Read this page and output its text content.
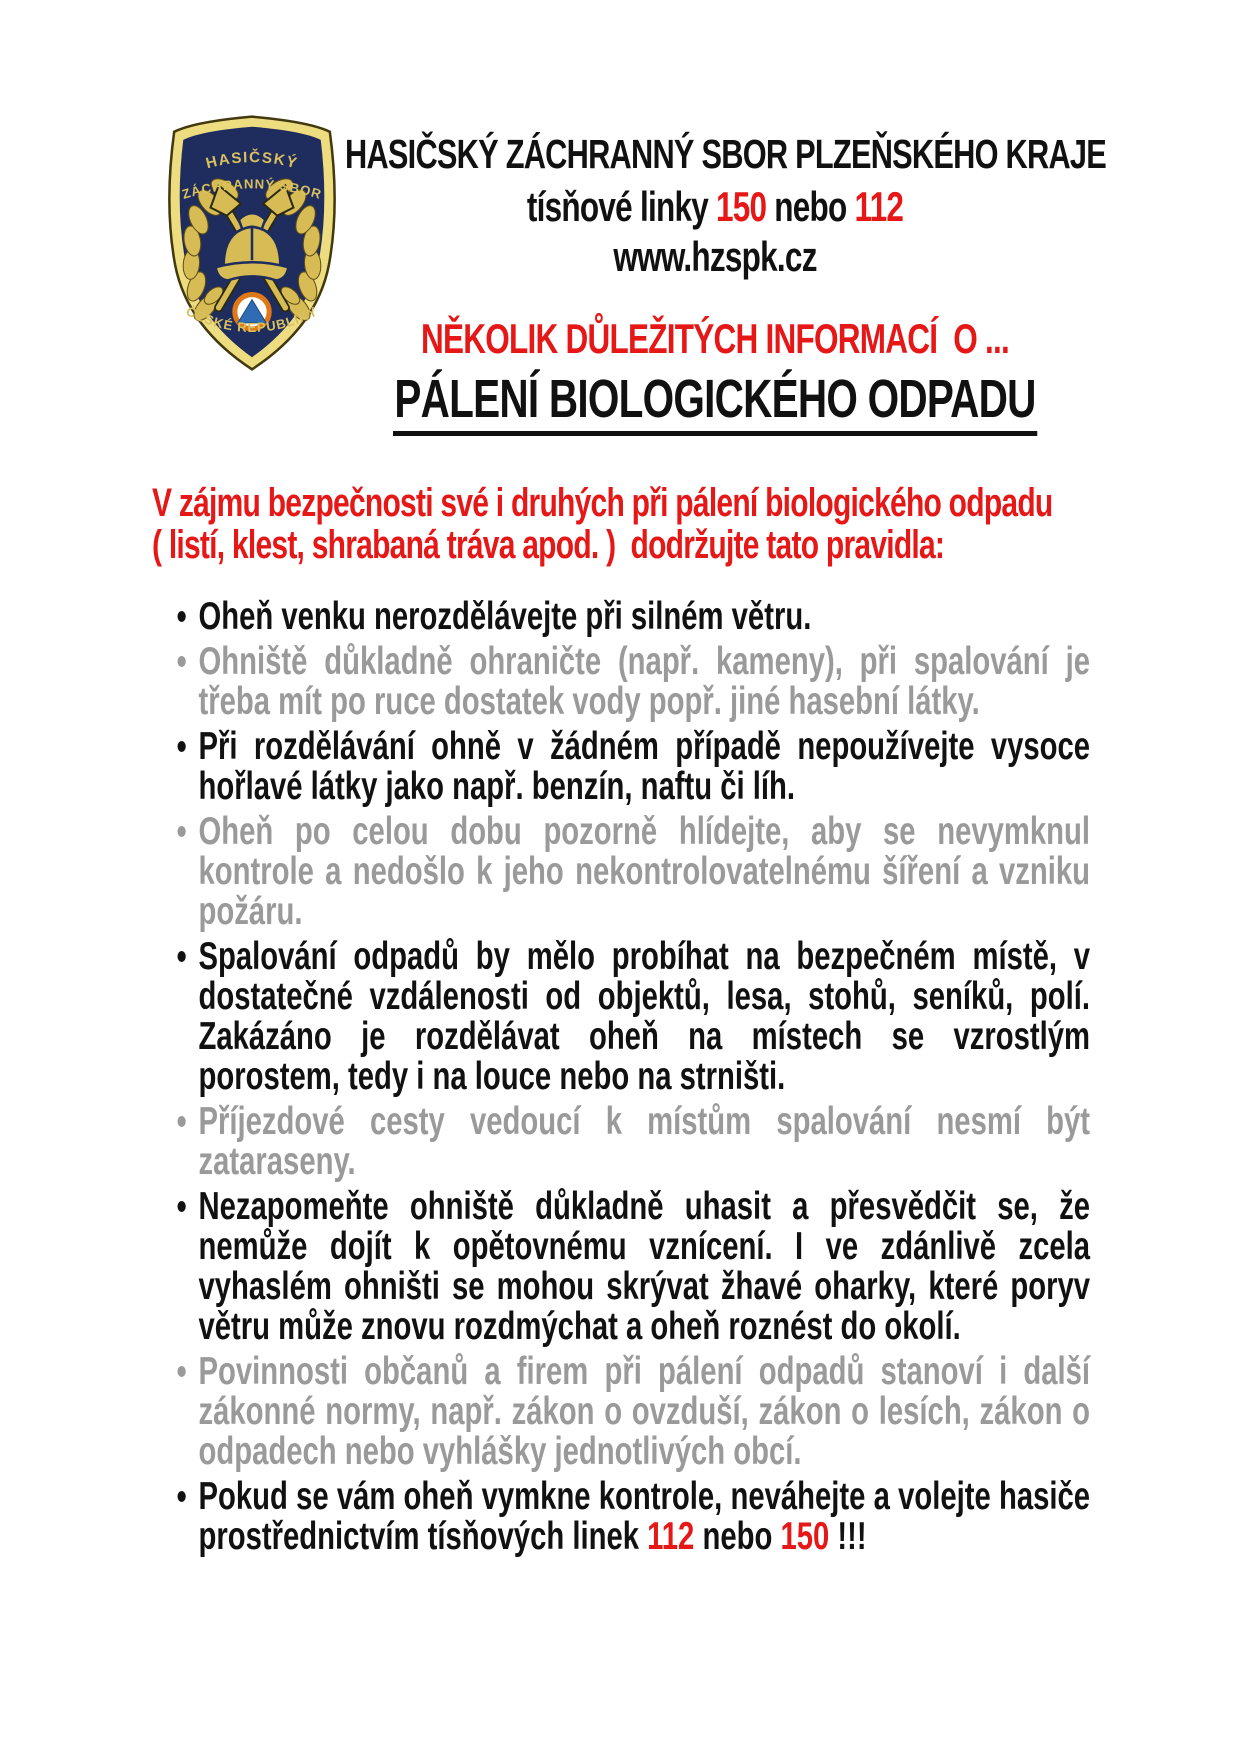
HASIČSKÝ
ZÁCHRANNÝ SBOR
ČESKÉ REPUBLIKY
HASIČSKÝ ZÁCHRANNÝ SBOR PLZEŇSKÉHO KRAJE
tísňové linky 150 nebo 112
www.hzspk.cz
NĚKOLIK DŮLEŽITÝCH INFORMACÍ  O ...
PÁLENÍ BIOLOGICKÉHO ODPADU
V zájmu bezpečnosti své i druhých při pálení biologického odpadu
( listí, klest, shrabaná tráva apod. )  dodržujte tato pravidla:
Oheň venku nerozdělávejte při silném větru.
Ohniště důkladně ohraničte (např. kameny), při spalování je třeba mít po ruce dostatek vody popř. jiné hasební látky.
Při rozdělávání ohně v žádném případě nepoužívejte vysoce hořlavé látky jako např. benzín, naftu či líh.
Oheň po celou dobu pozorně hlídejte, aby se nevymknul kontrole a nedošlo k jeho nekontrolovatelnému šíření a vzniku požáru.
Spalování odpadů by mělo probíhat na bezpečném místě, v dostatečné vzdálenosti od objektů, lesa, stohů, seníků, polí. Zakázáno je rozdělávat oheň na místech se vzrostlým porostem, tedy i na louce nebo na strništi.
Příjezdové cesty vedoucí k místům spalování nesmí být zataraseny.
Nezapomeňte ohniště důkladně uhasit a přesvědčit se, že nemůže dojít k opětovnému vznícení. I ve zdánlivě zcela vyhaslém ohništi se mohou skrývat žhavé oharky, které poryv větru může znovu rozdmýchat a oheň roznést do okolí.
Povinnosti občanů a firem při pálení odpadů stanoví i další zákonné normy, např. zákon o ovzduší, zákon o lesích, zákon o odpadech nebo vyhlášky jednotlivých obcí.
Pokud se vám oheň vymkne kontrole, neváhejte a volejte hasiče prostřednictvím tísňových linek 112 nebo 150 !!!
